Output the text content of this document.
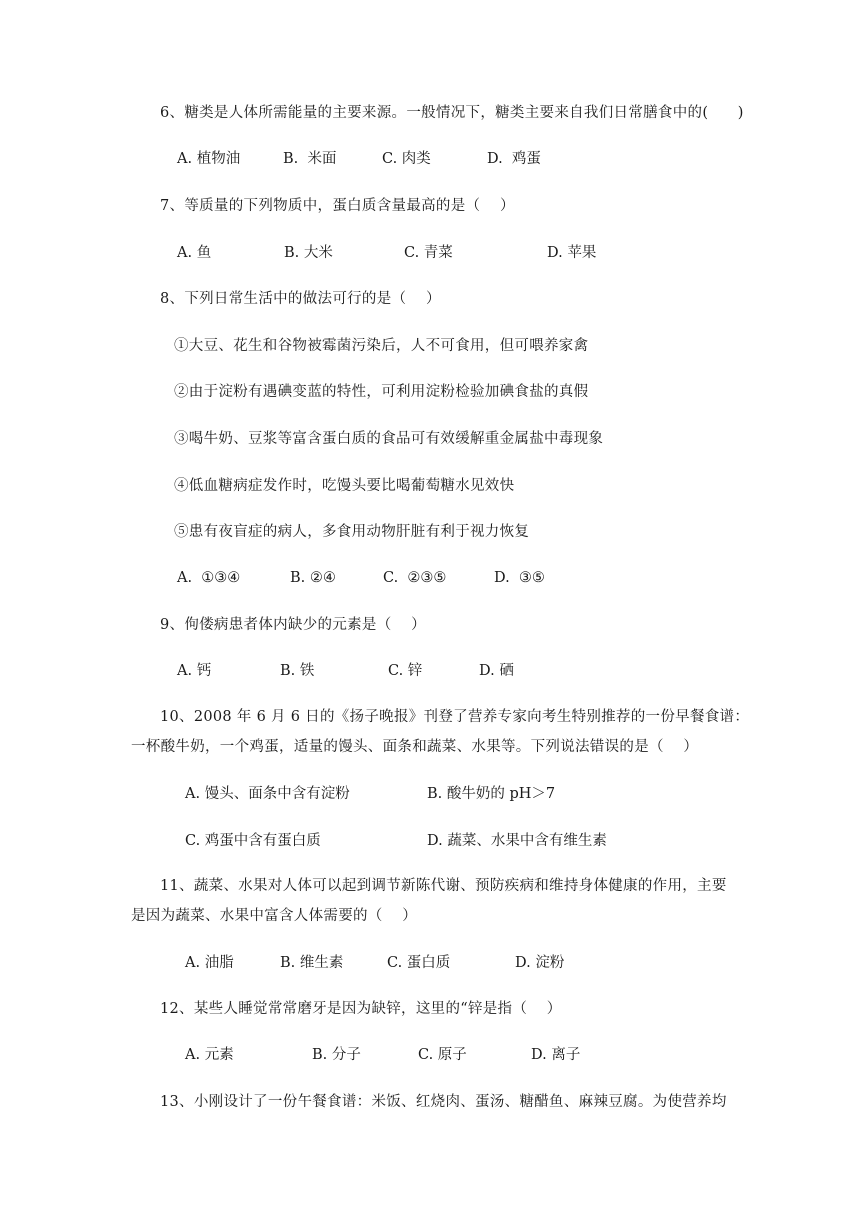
6、糖类是人体所需能量的主要来源。一般情况下，糖类主要来自我们日常膳食中的(      )
A. 植物油	B.  米面	C. 肉类	D.  鸡蛋
7、等质量的下列物质中，蛋白质含量最高的是（    ）
A. 鱼	B. 大米	C. 青菜	D. 苹果
8、下列日常生活中的做法可行的是（    ）
①大豆、花生和谷物被霉菌污染后，人不可食用，但可喂养家禽
②由于淀粉有遇碘变蓝的特性，可利用淀粉检验加碘食盐的真假
③喝牛奶、豆浆等富含蛋白质的食品可有效缓解重金属盐中毒现象
④低血糖病症发作时，吃馒头要比喝葡萄糖水见效快
⑤患有夜盲症的病人，多食用动物肝脏有利于视力恢复
A.  ①③④	B. ②④	C.  ②③⑤	D.  ③⑤
9、佝偻病患者体内缺少的元素是（    ）
A. 钙	B. 铁	C. 锌	D. 硒
10、2008 年 6 月 6 日的《扬子晚报》刊登了营养专家向考生特别推荐的一份早餐食谱：
一杯酸牛奶，一个鸡蛋，适量的馒头、面条和蔬菜、水果等。下列说法错误的是（    ）
A. 馒头、面条中含有淀粉	B. 酸牛奶的 pH＞7
C. 鸡蛋中含有蛋白质	D. 蔬菜、水果中含有维生素
11、蔬菜、水果对人体可以起到调节新陈代谢、预防疾病和维持身体健康的作用，主要
是因为蔬菜、水果中富含人体需要的（    ）
A. 油脂	B. 维生素	C. 蛋白质	D. 淀粉
12、某些人睡觉常常磨牙是因为缺锌，这里的“锌是指（    ）
A. 元素	B. 分子	C. 原子	D. 离子
13、小刚设计了一份午餐食谱：米饭、红烧肉、蛋汤、糖醋鱼、麻辣豆腐。为使营养均
